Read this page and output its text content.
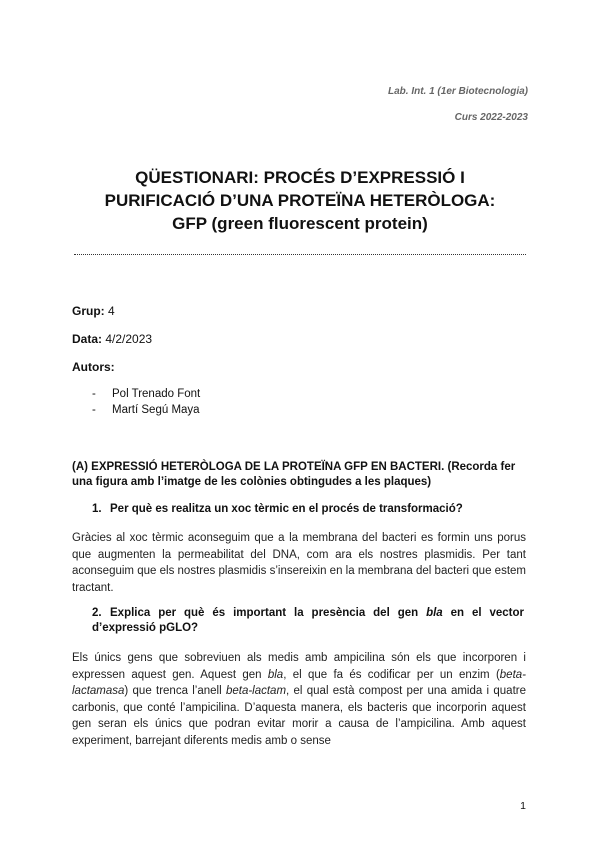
Lab. Int. 1 (1er Biotecnologia)
Curs 2022-2023
QÜESTIONARI: PROCÉS D’EXPRESSIÓ I
PURIFICACIÓ D’UNA PROTEÏNA HETERÒLOGA:
GFP (green fluorescent protein)
Grup: 4
Data: 4/2/2023
Autors:
- Pol Trenado Font
- Martí Segú Maya
(A) EXPRESSIÓ HETERÒLOGA DE LA PROTEÏNA GFP EN BACTERI. (Recorda fer una figura amb l’imatge de les colònies obtingudes a les plaques)
1. Per què es realitza un xoc tèrmic en el procés de transformació?
Gràcies al xoc tèrmic aconseguim que a la membrana del bacteri es formin uns porus que augmenten la permeabilitat del DNA, com ara els nostres plasmidis. Per tant aconseguim que els nostres plasmidis s’insereixin en la membrana del bacteri que estem tractant.
2. Explica per què és important la presència del gen bla en el vector d’expressió pGLO?
Els únics gens que sobreviuen als medis amb ampicilina són els que incorporen i expressen aquest gen. Aquest gen bla, el que fa és codificar per un enzim (beta-lactamasa) que trenca l’anell beta-lactam, el qual està compost per una amida i quatre carbonis, que conté l’ampicilina. D’aquesta manera, els bacteris que incorporin aquest gen seran els únics que podran evitar morir a causa de l’ampicilina. Amb aquest experiment, barrejant diferents medis amb o sense
1
